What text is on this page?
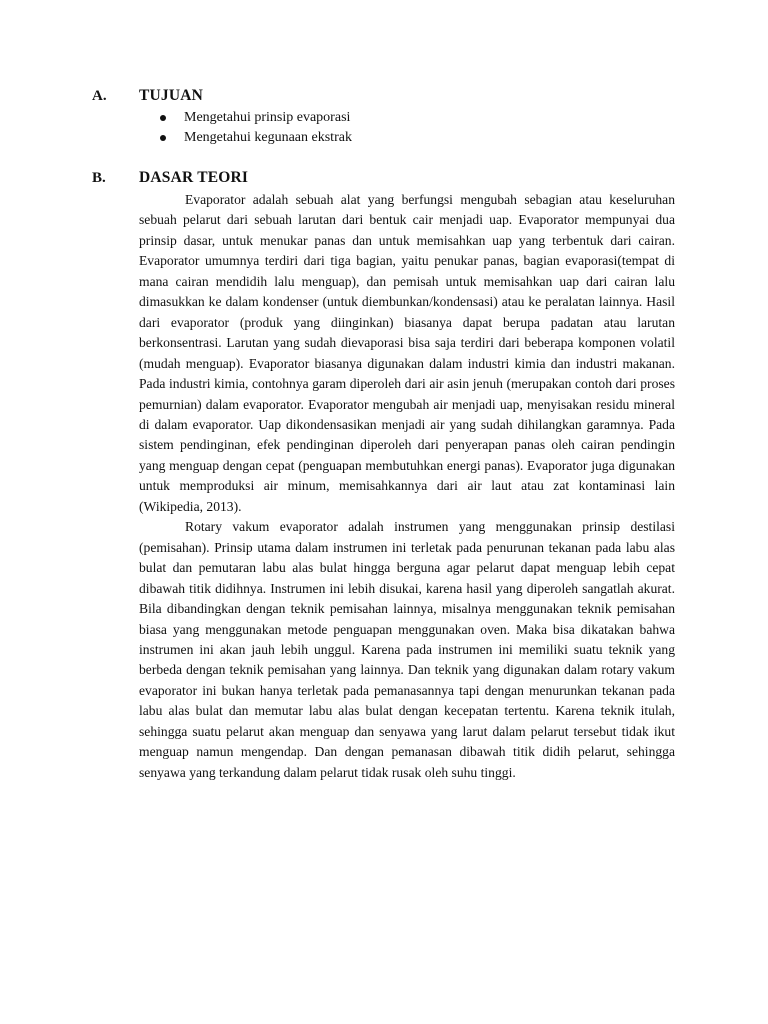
A. TUJUAN
Mengetahui prinsip evaporasi
Mengetahui kegunaan ekstrak
B. DASAR TEORI

Evaporator adalah sebuah alat yang berfungsi mengubah sebagian atau keseluruhan sebuah pelarut dari sebuah larutan dari bentuk cair menjadi uap. Evaporator mempunyai dua prinsip dasar, untuk menukar panas dan untuk memisahkan uap yang terbentuk dari cairan. Evaporator umumnya terdiri dari tiga bagian, yaitu penukar panas, bagian evaporasi(tempat di mana cairan mendidih lalu menguap), dan pemisah untuk memisahkan uap dari cairan lalu dimasukkan ke dalam kondenser (untuk diembunkan/kondensasi) atau ke peralatan lainnya. Hasil dari evaporator (produk yang diinginkan) biasanya dapat berupa padatan atau larutan berkonsentrasi. Larutan yang sudah dievaporasi bisa saja terdiri dari beberapa komponen volatil (mudah menguap). Evaporator biasanya digunakan dalam industri kimia dan industri makanan. Pada industri kimia, contohnya garam diperoleh dari air asin jenuh (merupakan contoh dari proses pemurnian) dalam evaporator. Evaporator mengubah air menjadi uap, menyisakan residu mineral di dalam evaporator. Uap dikondensasikan menjadi air yang sudah dihilangkan garamnya. Pada sistem pendinginan, efek pendinginan diperoleh dari penyerapan panas oleh cairan pendingin yang menguap dengan cepat (penguapan membutuhkan energi panas). Evaporator juga digunakan untuk memproduksi air minum, memisahkannya dari air laut atau zat kontaminasi lain (Wikipedia, 2013).

Rotary vakum evaporator adalah instrumen yang menggunakan prinsip destilasi (pemisahan). Prinsip utama dalam instrumen ini terletak pada penurunan tekanan pada labu alas bulat dan pemutaran labu alas bulat hingga berguna agar pelarut dapat menguap lebih cepat dibawah titik didihnya. Instrumen ini lebih disukai, karena hasil yang diperoleh sangatlah akurat. Bila dibandingkan dengan teknik pemisahan lainnya, misalnya menggunakan teknik pemisahan biasa yang menggunakan metode penguapan menggunakan oven. Maka bisa dikatakan bahwa instrumen ini akan jauh lebih unggul. Karena pada instrumen ini memiliki suatu teknik yang berbeda dengan teknik pemisahan yang lainnya. Dan teknik yang digunakan dalam rotary vakum evaporator ini bukan hanya terletak pada pemanasannya tapi dengan menurunkan tekanan pada labu alas bulat dan memutar labu alas bulat dengan kecepatan tertentu. Karena teknik itulah, sehingga suatu pelarut akan menguap dan senyawa yang larut dalam pelarut tersebut tidak ikut menguap namun mengendap. Dan dengan pemanasan dibawah titik didih pelarut, sehingga senyawa yang terkandung dalam pelarut tidak rusak oleh suhu tinggi.
